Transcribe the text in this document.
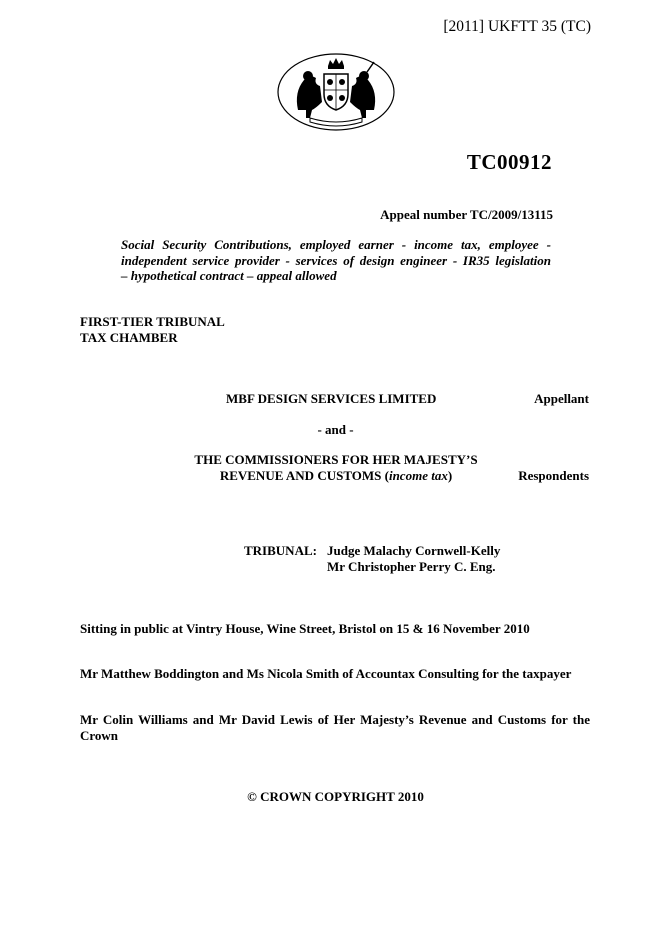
[2011] UKFTT 35 (TC)
TC00912
Appeal number TC/2009/13115
Social Security Contributions, employed earner - income tax, employee -
independent service provider - services of design engineer - IR35 legislation
– hypothetical contract – appeal allowed
FIRST-TIER TRIBUNAL
TAX CHAMBER
MBF DESIGN SERVICES LIMITED	Appellant
- and -
THE COMMISSIONERS FOR HER MAJESTY’S
REVENUE AND CUSTOMS (income tax)	Respondents
TRIBUNAL: Judge Malachy Cornwell-Kelly
Mr Christopher Perry C. Eng.
Sitting in public at Vintry House, Wine Street, Bristol on 15 & 16 November 2010
Mr Matthew Boddington and Ms Nicola Smith of Accountax Consulting for the taxpayer
Mr Colin Williams and Mr David Lewis of Her Majesty’s Revenue and Customs for the Crown
© CROWN COPYRIGHT 2010
